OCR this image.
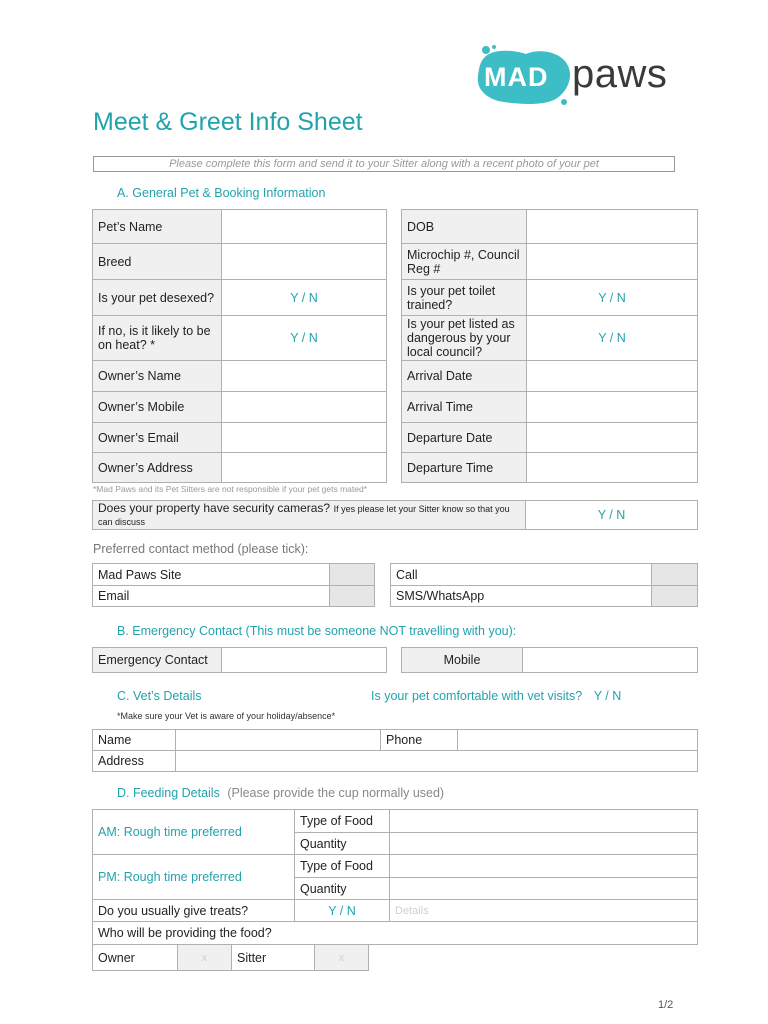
MAD paws
Meet & Greet Info Sheet
Please complete this form and send it to your Sitter along with a recent photo of your pet
A. General Pet & Booking Information
Pet’s Name	
Breed	
Is your pet desexed?	Y / N
If no, is it likely to be on heat? *	Y / N
Owner’s Name	
Owner’s Mobile	
Owner’s Email	
Owner’s Address	
DOB	
Microchip #, Council Reg #	
Is your pet toilet trained?	Y / N
Is your pet listed as dangerous by your local council?	Y / N
Arrival Date	
Arrival Time	
Departure Date	
Departure Time	
*Mad Paws and its Pet Sitters are not responsible if your pet gets mated*
Does your property have security cameras? If yes please let your Sitter know so that you can discuss	Y / N
Preferred contact method (please tick):
Mad Paws Site	
Email	
Call	
SMS/WhatsApp	
B. Emergency Contact (This must be someone NOT travelling with you):
Emergency Contact		Mobile	
C. Vet’s Details	Is your pet comfortable with vet visits? Y / N
*Make sure your Vet is aware of your holiday/absence*
Name		Phone	
Address			
D. Feeding Details (Please provide the cup normally used)
AM: Rough time preferred	Type of Food	
	Quantity	
PM: Rough time preferred	Type of Food	
	Quantity	
Do you usually give treats?	Y / N	Details
Who will be providing the food?		
Owner	x	Sitter	x
1/2
